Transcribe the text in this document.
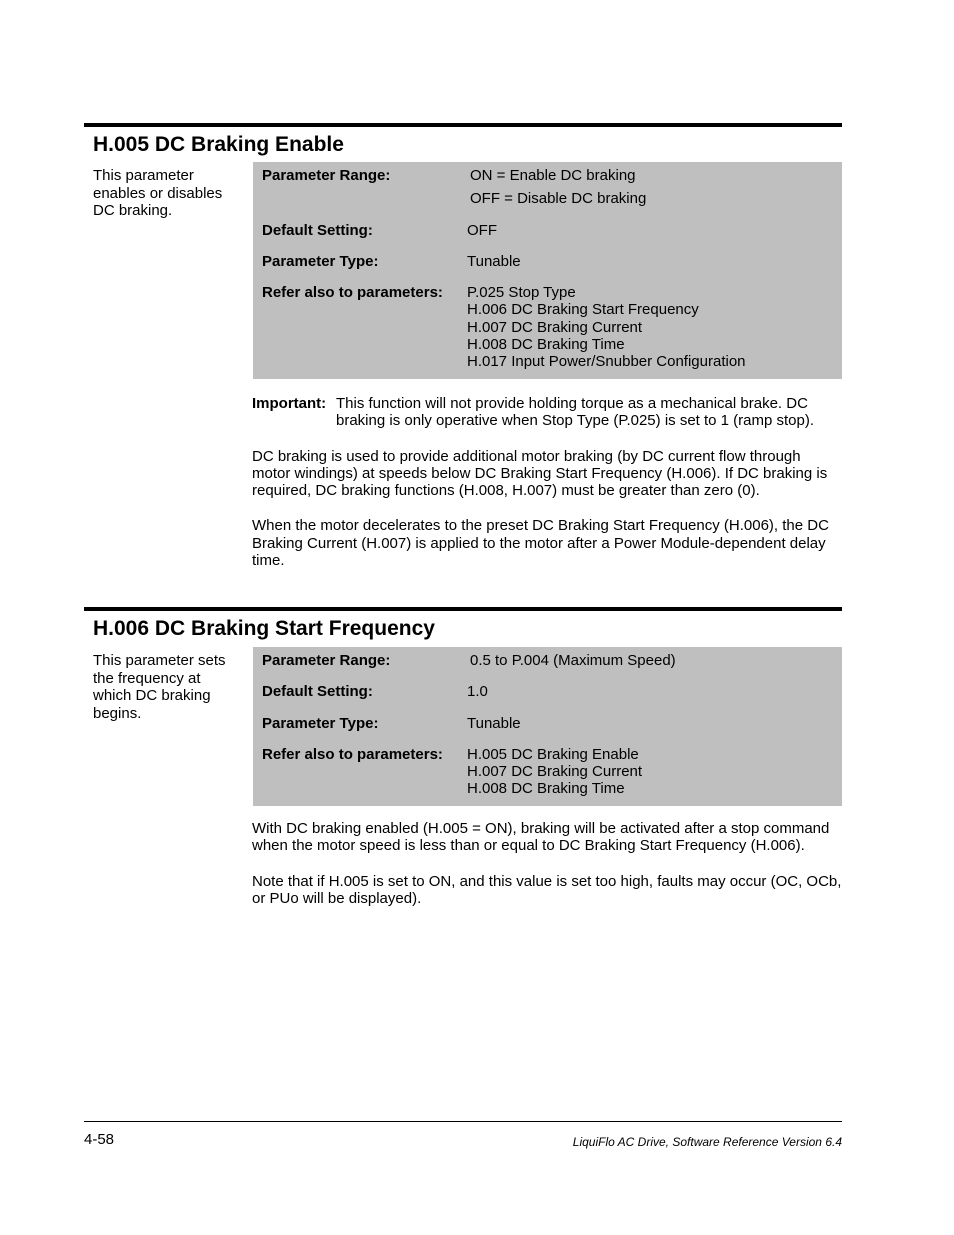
H.005 DC Braking Enable
This parameter
enables or disables
DC braking.
Parameter Range:	ON = Enable DC braking
OFF = Disable DC braking
Default Setting:	OFF
Parameter Type:	Tunable
Refer also to parameters:	P.025 Stop Type
H.006 DC Braking Start Frequency
H.007 DC Braking Current
H.008 DC Braking Time
H.017 Input Power/Snubber Configuration
Important: This function will not provide holding torque as a mechanical brake. DC braking is only operative when Stop Type (P.025) is set to 1 (ramp stop).

DC braking is used to provide additional motor braking (by DC current flow through motor windings) at speeds below DC Braking Start Frequency (H.006). If DC braking is required, DC braking functions (H.008, H.007) must be greater than zero (0).

When the motor decelerates to the preset DC Braking Start Frequency (H.006), the DC Braking Current (H.007) is applied to the motor after a Power Module-dependent delay time.

H.006 DC Braking Start Frequency
This parameter sets
the frequency at
which DC braking
begins.
Parameter Range:	0.5 to P.004 (Maximum Speed)
Default Setting:	1.0
Parameter Type:	Tunable
Refer also to parameters:	H.005 DC Braking Enable
H.007 DC Braking Current
H.008 DC Braking Time

With DC braking enabled (H.005 = ON), braking will be activated after a stop command when the motor speed is less than or equal to DC Braking Start Frequency (H.006).

Note that if H.005 is set to ON, and this value is set too high, faults may occur (OC, OCb, or PUo will be displayed).

4-58	LiquiFlo AC Drive, Software Reference Version 6.4
